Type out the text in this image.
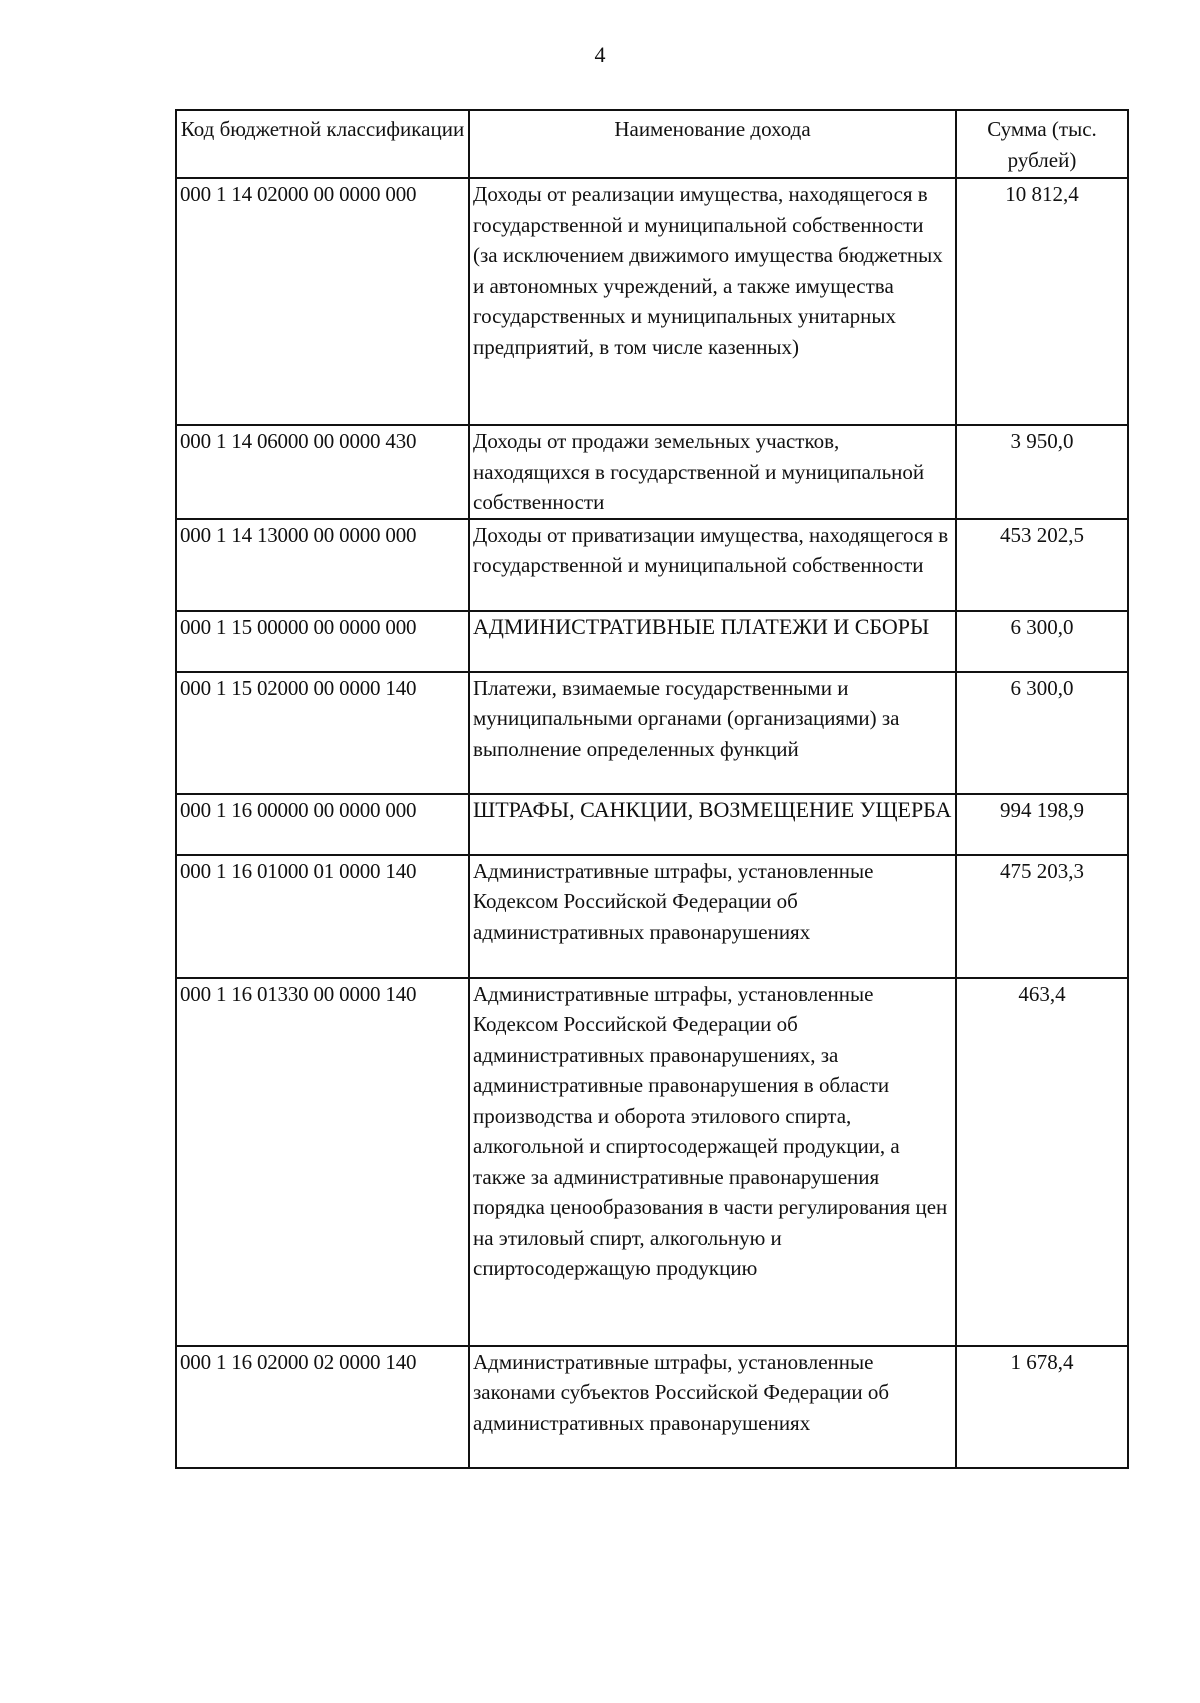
4
Код бюджетной классификации	Наименование дохода	Сумма (тыс. рублей)
000 1 14 02000 00 0000 000	Доходы от реализации имущества, находящегося в государственной и муниципальной собственности (за исключением движимого имущества бюджетных и автономных учреждений, а также имущества государственных и муниципальных унитарных предприятий, в том числе казенных)	10 812,4
000 1 14 06000 00 0000 430	Доходы от продажи земельных участков, находящихся в государственной и муниципальной собственности	3 950,0
000 1 14 13000 00 0000 000	Доходы от приватизации имущества, находящегося в государственной и муниципальной собственности	453 202,5
000 1 15 00000 00 0000 000	АДМИНИСТРАТИВНЫЕ ПЛАТЕЖИ И СБОРЫ	6 300,0
000 1 15 02000 00 0000 140	Платежи, взимаемые государственными и муниципальными органами (организациями) за выполнение определенных функций	6 300,0
000 1 16 00000 00 0000 000	ШТРАФЫ, САНКЦИИ, ВОЗМЕЩЕНИЕ УЩЕРБА	994 198,9
000 1 16 01000 01 0000 140	Административные штрафы, установленные Кодексом Российской Федерации об административных правонарушениях	475 203,3
000 1 16 01330 00 0000 140	Административные штрафы, установленные Кодексом Российской Федерации об административных правонарушениях, за административные правонарушения в области производства и оборота этилового спирта, алкогольной и спиртосодержащей продукции, а также за административные правонарушения порядка ценообразования в части регулирования цен на этиловый спирт, алкогольную и спиртосодержащую продукцию	463,4
000 1 16 02000 02 0000 140	Административные штрафы, установленные законами субъектов Российской Федерации об административных правонарушениях	1 678,4
